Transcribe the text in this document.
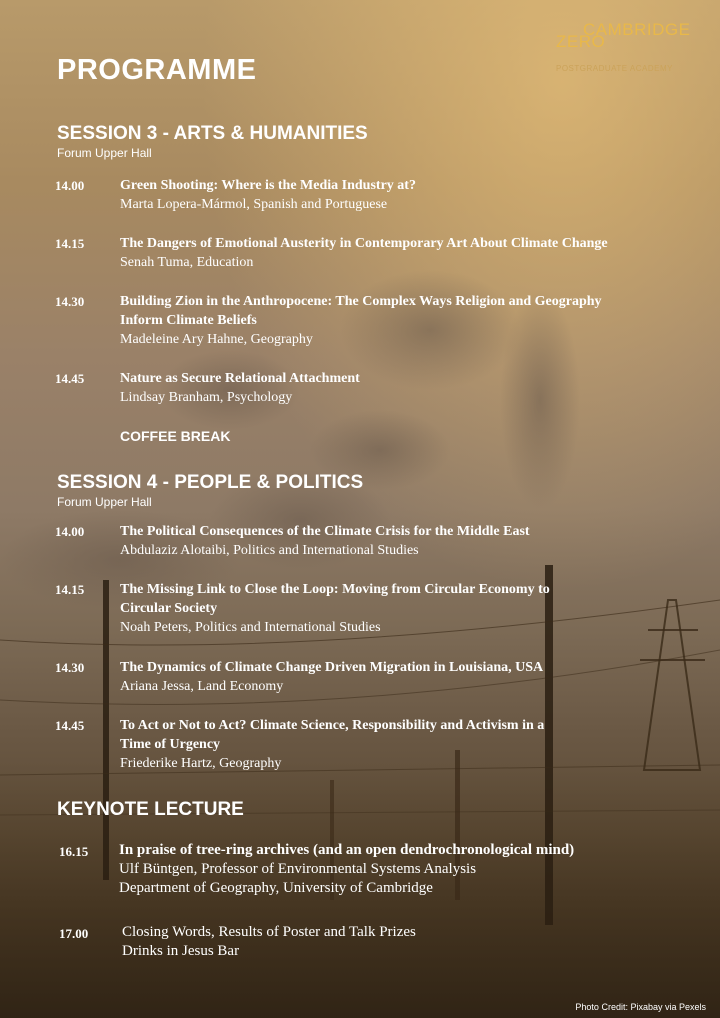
CAMBRIDGE
ZERO
POSTGRADUATE ACADEMY
PROGRAMME
SESSION 3 - ARTS & HUMANITIES
Forum Upper Hall
14.00	Green Shooting: Where is the Media Industry at?
Marta Lopera-Mármol, Spanish and Portuguese
14.15	The Dangers of Emotional Austerity in Contemporary Art About Climate Change
Senah Tuma, Education
14.30	Building Zion in the Anthropocene: The Complex Ways Religion and Geography
Inform Climate Beliefs
Madeleine Ary Hahne, Geography
14.45	Nature as Secure Relational Attachment
Lindsay Branham, Psychology
COFFEE BREAK
SESSION 4 - PEOPLE & POLITICS
Forum Upper Hall
14.00	The Political Consequences of the Climate Crisis for the Middle East
Abdulaziz Alotaibi, Politics and International Studies
14.15	The Missing Link to Close the Loop: Moving from Circular Economy to
Circular Society
Noah Peters, Politics and International Studies
14.30	The Dynamics of Climate Change Driven Migration in Louisiana, USA
Ariana Jessa, Land Economy
14.45	To Act or Not to Act? Climate Science, Responsibility and Activism in a
Time of Urgency
Friederike Hartz, Geography
KEYNOTE LECTURE
16.15	In praise of tree-ring archives (and an open dendrochronological mind)
Ulf Büntgen, Professor of Environmental Systems Analysis
Department of Geography, University of Cambridge
17.00	Closing Words, Results of Poster and Talk Prizes
Drinks in Jesus Bar
Photo Credit: Pixabay via Pexels
